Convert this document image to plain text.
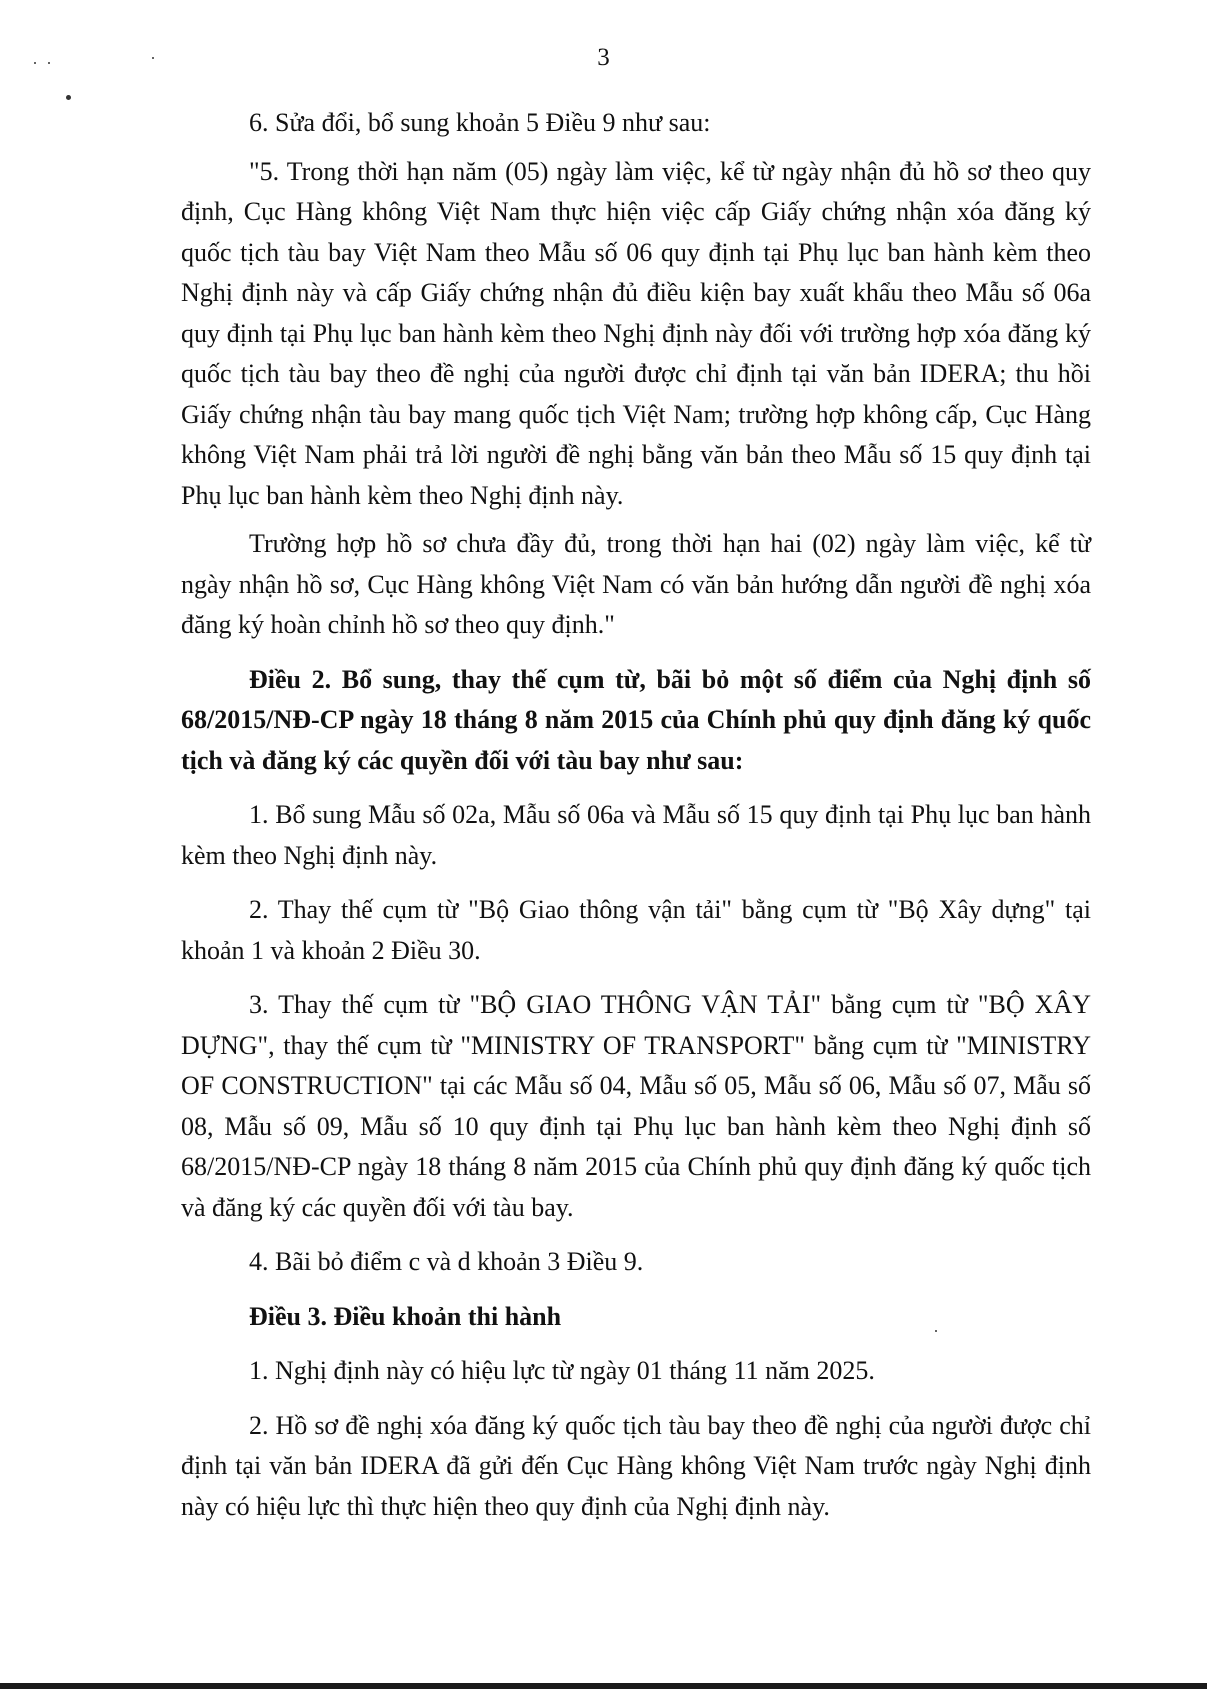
3

6. Sửa đổi, bổ sung khoản 5 Điều 9 như sau:

"5. Trong thời hạn năm (05) ngày làm việc, kể từ ngày nhận đủ hồ sơ theo quy định, Cục Hàng không Việt Nam thực hiện việc cấp Giấy chứng nhận xóa đăng ký quốc tịch tàu bay Việt Nam theo Mẫu số 06 quy định tại Phụ lục ban hành kèm theo Nghị định này và cấp Giấy chứng nhận đủ điều kiện bay xuất khẩu theo Mẫu số 06a quy định tại Phụ lục ban hành kèm theo Nghị định này đối với trường hợp xóa đăng ký quốc tịch tàu bay theo đề nghị của người được chỉ định tại văn bản IDERA; thu hồi Giấy chứng nhận tàu bay mang quốc tịch Việt Nam; trường hợp không cấp, Cục Hàng không Việt Nam phải trả lời người đề nghị bằng văn bản theo Mẫu số 15 quy định tại Phụ lục ban hành kèm theo Nghị định này.

Trường hợp hồ sơ chưa đầy đủ, trong thời hạn hai (02) ngày làm việc, kể từ ngày nhận hồ sơ, Cục Hàng không Việt Nam có văn bản hướng dẫn người đề nghị xóa đăng ký hoàn chỉnh hồ sơ theo quy định."

Điều 2. Bổ sung, thay thế cụm từ, bãi bỏ một số điểm của Nghị định số 68/2015/NĐ-CP ngày 18 tháng 8 năm 2015 của Chính phủ quy định đăng ký quốc tịch và đăng ký các quyền đối với tàu bay như sau:

1. Bổ sung Mẫu số 02a, Mẫu số 06a và Mẫu số 15 quy định tại Phụ lục ban hành kèm theo Nghị định này.

2. Thay thế cụm từ "Bộ Giao thông vận tải" bằng cụm từ "Bộ Xây dựng" tại khoản 1 và khoản 2 Điều 30.

3. Thay thế cụm từ "BỘ GIAO THÔNG VẬN TẢI" bằng cụm từ "BỘ XÂY DỰNG", thay thế cụm từ "MINISTRY OF TRANSPORT" bằng cụm từ "MINISTRY OF CONSTRUCTION" tại các Mẫu số 04, Mẫu số 05, Mẫu số 06, Mẫu số 07, Mẫu số 08, Mẫu số 09, Mẫu số 10 quy định tại Phụ lục ban hành kèm theo Nghị định số 68/2015/NĐ-CP ngày 18 tháng 8 năm 2015 của Chính phủ quy định đăng ký quốc tịch và đăng ký các quyền đối với tàu bay.

4. Bãi bỏ điểm c và d khoản 3 Điều 9.

Điều 3. Điều khoản thi hành

1. Nghị định này có hiệu lực từ ngày 01 tháng 11 năm 2025.

2. Hồ sơ đề nghị xóa đăng ký quốc tịch tàu bay theo đề nghị của người được chỉ định tại văn bản IDERA đã gửi đến Cục Hàng không Việt Nam trước ngày Nghị định này có hiệu lực thì thực hiện theo quy định của Nghị định này.
